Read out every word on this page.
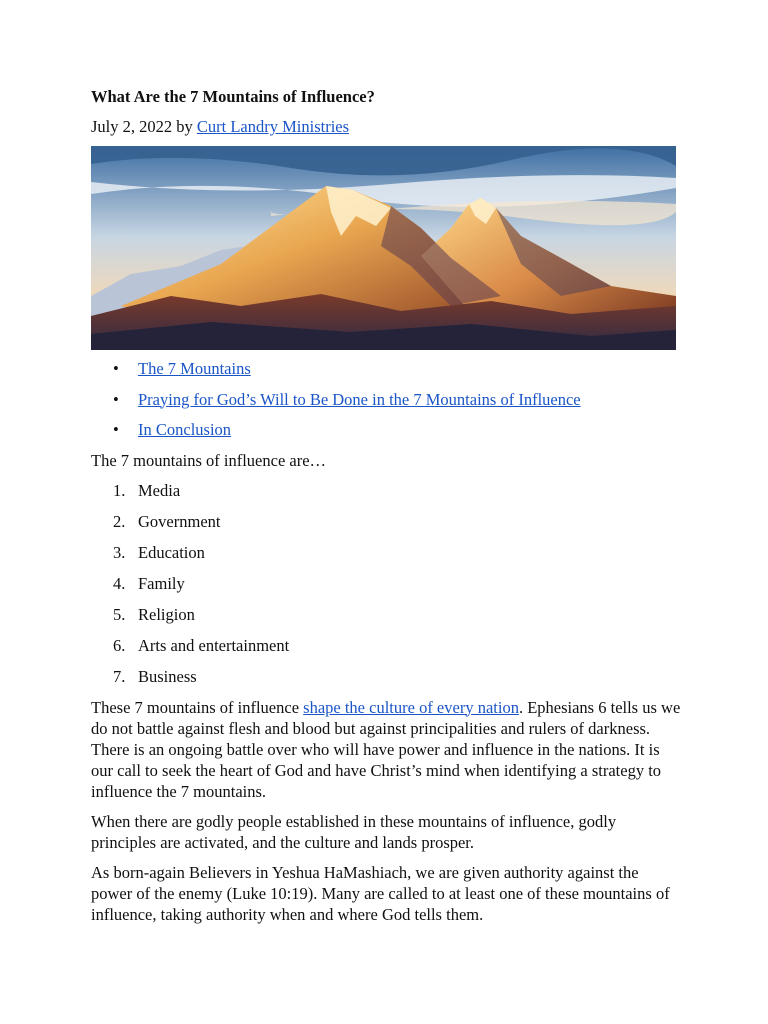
What Are the 7 Mountains of Influence?
July 2, 2022 by Curt Landry Ministries
• The 7 Mountains
• Praying for God’s Will to Be Done in the 7 Mountains of Influence
• In Conclusion

The 7 mountains of influence are…

1. Media
2. Government
3. Education
4. Family
5. Religion
6. Arts and entertainment
7. Business

These 7 mountains of influence shape the culture of every nation. Ephesians 6 tells us we do not battle against flesh and blood but against principalities and rulers of darkness. There is an ongoing battle over who will have power and influence in the nations. It is our call to seek the heart of God and have Christ’s mind when identifying a strategy to influence the 7 mountains.

When there are godly people established in these mountains of influence, godly principles are activated, and the culture and lands prosper.

As born-again Believers in Yeshua HaMashiach, we are given authority against the power of the enemy (Luke 10:19). Many are called to at least one of these mountains of influence, taking authority when and where God tells them.
